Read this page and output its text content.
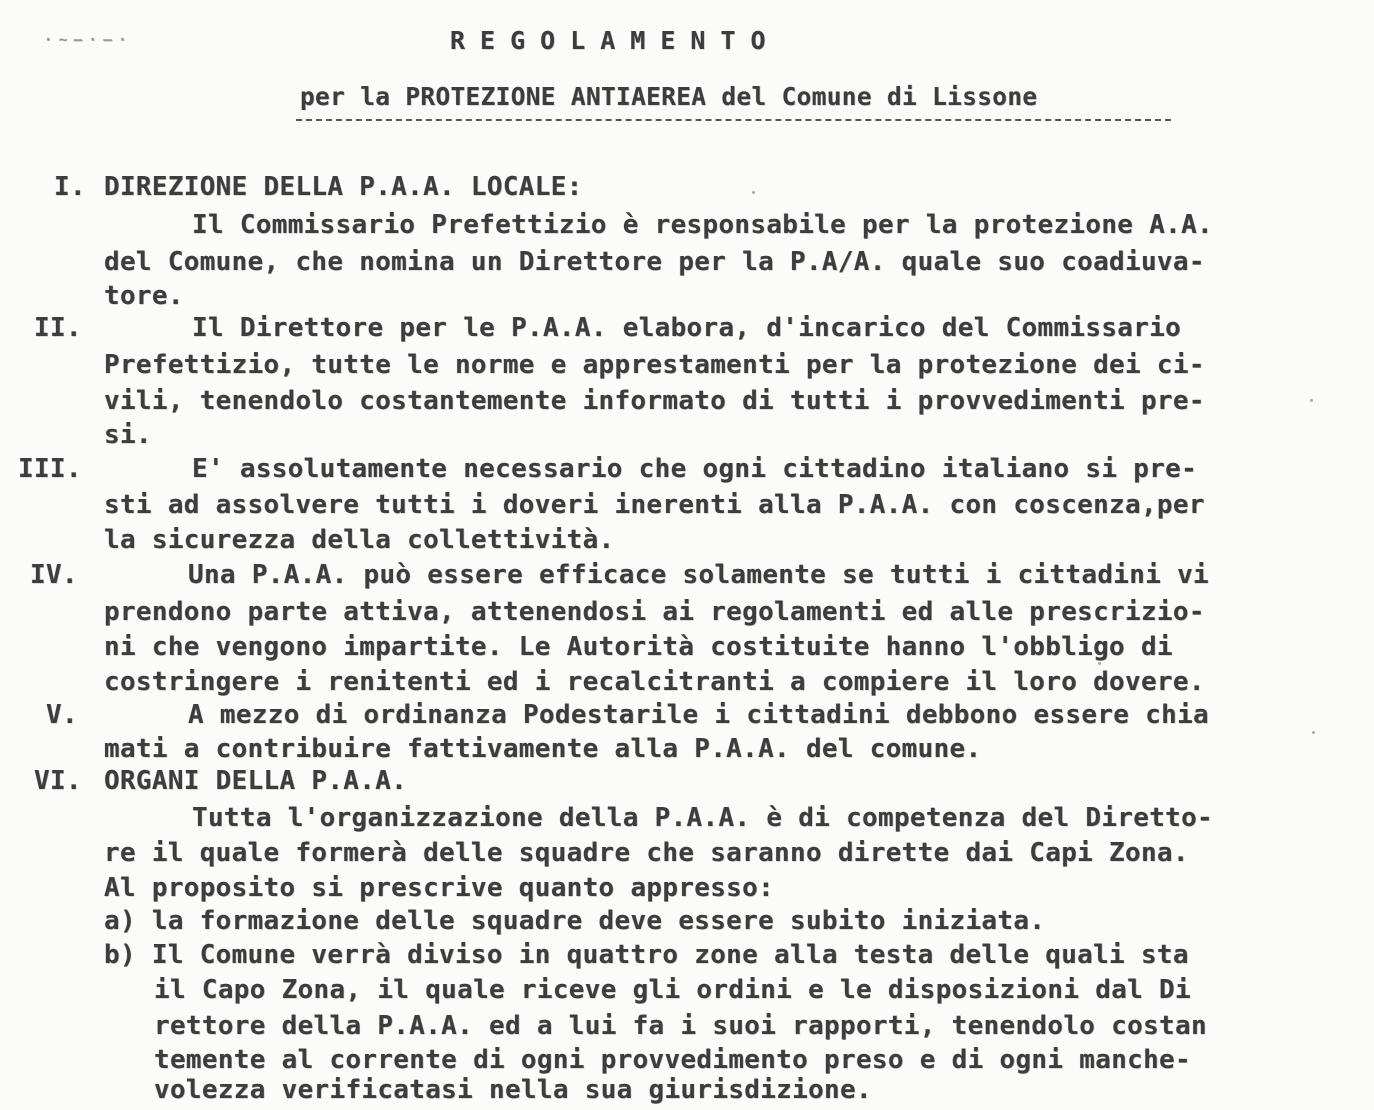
· ~ — · — ·	REGOLAMENTO
per la PROTEZIONE ANTIAEREA del Comune di Lissone
I. DIREZIONE DELLA P.A.A. LOCALE:
Il Commissario Prefettizio è responsabile per la protezione A.A.
del Comune, che nomina un Direttore per la P.A/A. quale suo coadiuva-
tore.
II.	Il Direttore per le P.A.A. elabora, d'incarico del Commissario
Prefettizio, tutte le norme e apprestamenti per la protezione dei ci-
vili, tenendolo costantemente informato di tutti i provvedimenti pre-
si.
III.	E' assolutamente necessario che ogni cittadino italiano si pre-
sti ad assolvere tutti i doveri inerenti alla P.A.A. con coscenza,per
la sicurezza della collettività.
IV.	Una P.A.A. può essere efficace solamente se tutti i cittadini vi
prendono parte attiva, attenendosi ai regolamenti ed alle prescrizio-
ni che vengono impartite. Le Autorità costituite hanno l'obbligo di
costringere i renitenti ed i recalcitranti a compiere il loro dovere.
V.	A mezzo di ordinanza Podestarile i cittadini debbono essere chia
mati a contribuire fattivamente alla P.A.A. del comune.
VI. ORGANI DELLA P.A.A.
Tutta l'organizzazione della P.A.A. è di competenza del Diretto-
re il quale formerà delle squadre che saranno dirette dai Capi Zona.
Al proposito si prescrive quanto appresso:
a) la formazione delle squadre deve essere subito iniziata.
b) Il Comune verrà diviso in quattro zone alla testa delle quali sta
il Capo Zona, il quale riceve gli ordini e le disposizioni dal Di
rettore della P.A.A. ed a lui fa i suoi rapporti, tenendolo costan
temente al corrente di ogni provvedimento preso e di ogni manche-
volezza verificatasi nella sua giurisdizione.
